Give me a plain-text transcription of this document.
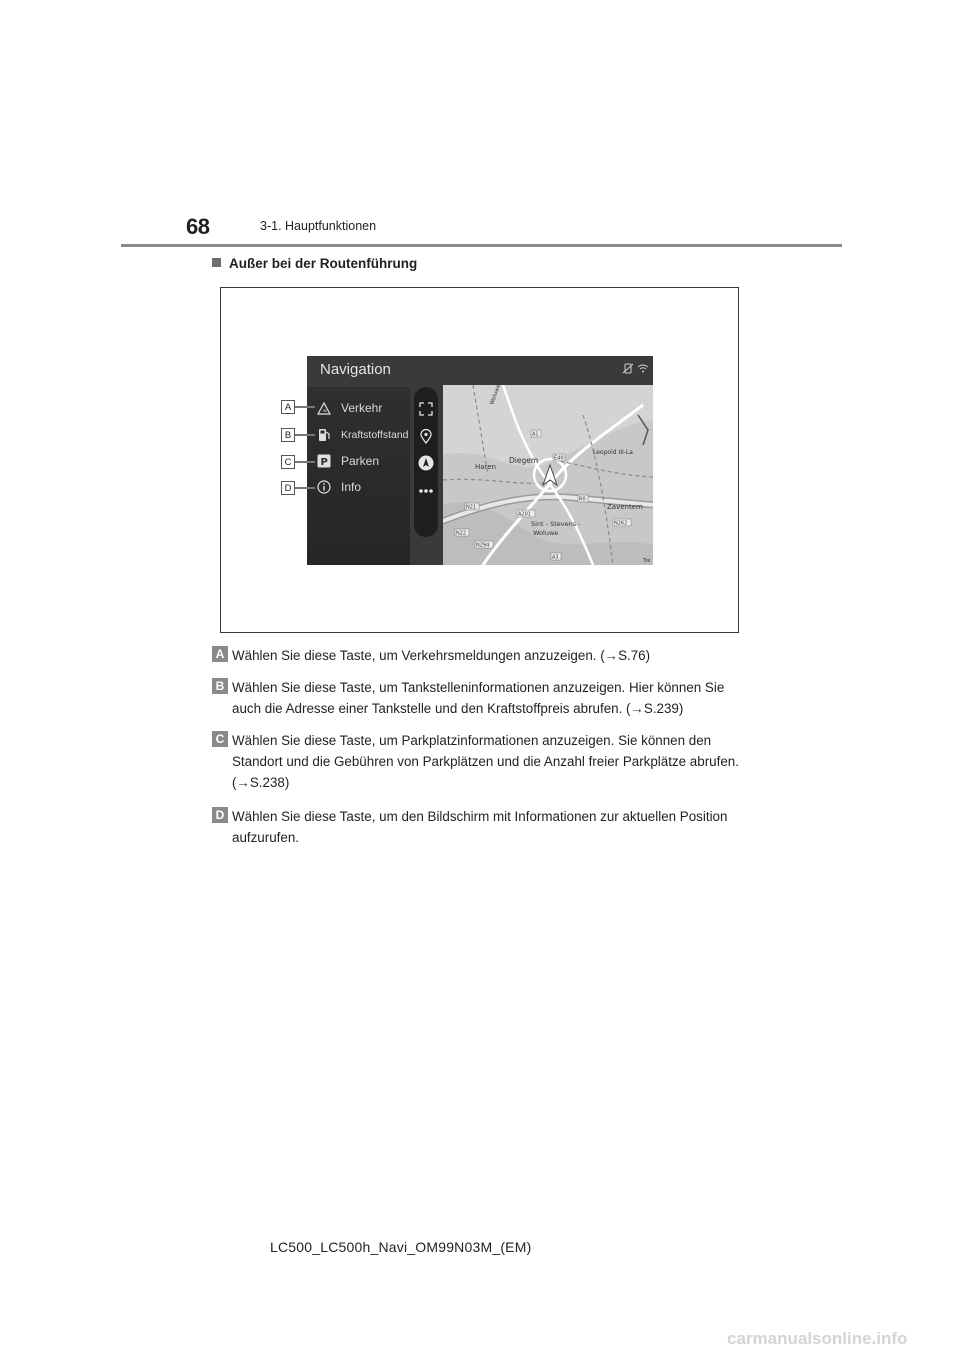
68	3-1. Hauptfunktionen
Außer bei der Routenführung
Navigation

≈ Verkehr
Kraftstoffstand
P Parken
Info
A1
E40
Leopold III-La
Haren
Diegem
R0
Zaventem
N21
A201
N262
N22
Sint - Stevens -
Woluwe
N294
A3
Tre
Woluwe
A
B
C
D
A Wählen Sie diese Taste, um Verkehrsmeldungen anzuzeigen. (→S.76)
B Wählen Sie diese Taste, um Tankstelleninformationen anzuzeigen. Hier können Sie auch die Adresse einer Tankstelle und den Kraftstoffpreis abrufen. (→S.239)
C Wählen Sie diese Taste, um Parkplatzinformationen anzuzeigen. Sie können den Standort und die Gebühren von Parkplätzen und die Anzahl freier Parkplätze abrufen. (→S.238)
D Wählen Sie diese Taste, um den Bildschirm mit Informationen zur aktuellen Position aufzurufen.
LC500_LC500h_Navi_OM99N03M_(EM)
carmanualsonline.info
